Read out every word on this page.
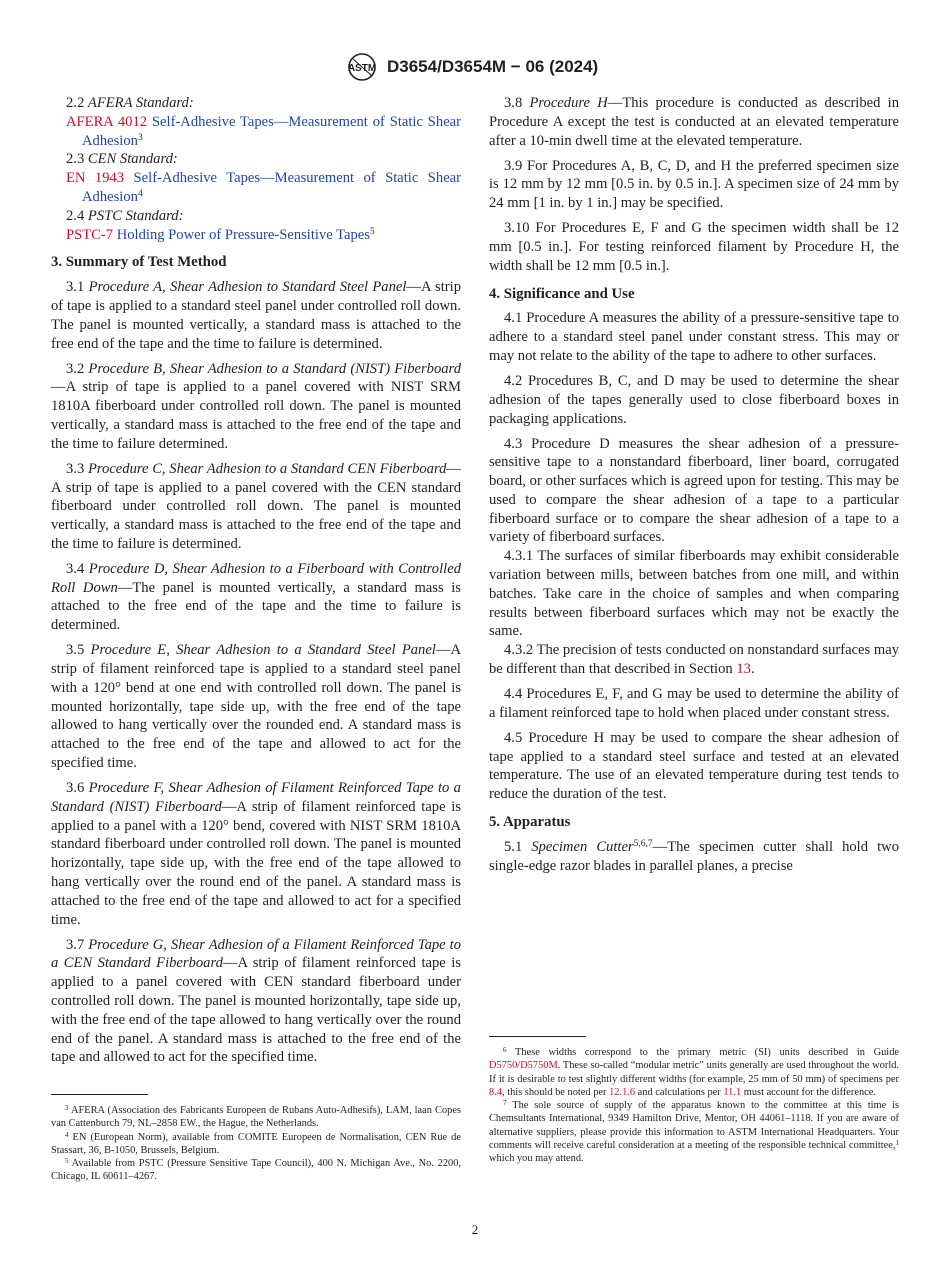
ASTM D3654/D3654M − 06 (2024)

2.2 AFERA Standard:

AFERA 4012 Self-Adhesive Tapes—Measurement of Static Shear Adhesion$^3$

2.3 CEN Standard:

EN 1943 Self-Adhesive Tapes—Measurement of Static Shear Adhesion$^4$

2.4 PSTC Standard:

PSTC-7 Holding Power of Pressure-Sensitive Tapes$^5$

3. Summary of Test Method

3.1 Procedure A, Shear Adhesion to Standard Steel Panel—A strip of tape is applied to a standard steel panel under controlled roll down. The panel is mounted vertically, a standard mass is attached to the free end of the tape and the time to failure is determined.

3.2 Procedure B, Shear Adhesion to a Standard (NIST) Fiberboard—A strip of tape is applied to a panel covered with NIST SRM 1810A fiberboard under controlled roll down. The panel is mounted vertically, a standard mass is attached to the free end of the tape and the time to failure determined.

3.3 Procedure C, Shear Adhesion to a Standard CEN Fiberboard—A strip of tape is applied to a panel covered with the CEN standard fiberboard under controlled roll down. The panel is mounted vertically, a standard mass is attached to the free end of the tape and the time to failure is determined.

3.4 Procedure D, Shear Adhesion to a Fiberboard with Controlled Roll Down—The panel is mounted vertically, a standard mass is attached to the free end of the tape and the time to failure is determined.

3.5 Procedure E, Shear Adhesion to a Standard Steel Panel—A strip of filament reinforced tape is applied to a standard steel panel with a 120° bend at one end with controlled roll down. The panel is mounted horizontally, tape side up, with the free end of the tape allowed to hang vertically over the rounded end. A standard mass is attached to the free end of the tape and allowed to act for the specified time.

3.6 Procedure F, Shear Adhesion of Filament Reinforced Tape to a Standard (NIST) Fiberboard—A strip of filament reinforced tape is applied to a panel with a 120° bend, covered with NIST SRM 1810A standard fiberboard under controlled roll down. The panel is mounted horizontally, tape side up, with the free end of the tape allowed to hang vertically over the round end of the panel. A standard mass is attached to the free end of the tape and allowed to act for a specified time.

3.7 Procedure G, Shear Adhesion of a Filament Reinforced Tape to a CEN Standard Fiberboard—A strip of filament reinforced tape is applied to a panel covered with CEN standard fiberboard under controlled roll down. The panel is mounted horizontally, tape side up, with the free end of the tape allowed to hang vertically over the round end of the panel. A standard mass is attached to the free end of the tape and allowed to act for the specified time.

3.8 Procedure H—This procedure is conducted as described in Procedure A except the test is conducted at an elevated temperature after a 10-min dwell time at the elevated temperature.

3.9 For Procedures A, B, C, D, and H the preferred specimen size is 12 mm by 12 mm [0.5 in. by 0.5 in.]. A specimen size of 24 mm by 24 mm [1 in. by 1 in.] may be specified.

3.10 For Procedures E, F and G the specimen width shall be 12 mm [0.5 in.]. For testing reinforced filament by Procedure H, the width shall be 12 mm [0.5 in.].

4. Significance and Use

4.1 Procedure A measures the ability of a pressure-sensitive tape to adhere to a standard steel panel under constant stress. This may or may not relate to the ability of the tape to adhere to other surfaces.

4.2 Procedures B, C, and D may be used to determine the shear adhesion of the tapes generally used to close fiberboard boxes in packaging applications.

4.3 Procedure D measures the shear adhesion of a pressure-sensitive tape to a nonstandard fiberboard, liner board, corrugated board, or other surfaces which is agreed upon for testing. This may be used to compare the shear adhesion of a tape to a particular fiberboard surface or to compare the shear adhesion of a tape to a variety of fiberboard surfaces.

4.3.1 The surfaces of similar fiberboards may exhibit considerable variation between mills, between batches from one mill, and within batches. Take care in the choice of samples and when comparing results between fiberboard surfaces which may not be exactly the same.

4.3.2 The precision of tests conducted on nonstandard surfaces may be different than that described in Section 13.

4.4 Procedures E, F, and G may be used to determine the ability of a filament reinforced tape to hold when placed under constant stress.

4.5 Procedure H may be used to compare the shear adhesion of tape applied to a standard steel surface and tested at an elevated temperature. The use of an elevated temperature during test tends to reduce the duration of the test.

5. Apparatus

5.1 Specimen Cutter$^{5,6,7}$—The specimen cutter shall hold two single-edge razor blades in parallel planes, a precise

$^3$ AFERA (Association des Fabricants Europeen de Rubans Auto-Adhesifs), LAM, laan Copes van Cattenburch 79, NL–2858 EW., the Hague, the Netherlands.

$^4$ EN (European Norm), available from COMITE Europeen de Normalisation, CEN Rue de Stassart, 36, B-1050, Brussels, Belgium.

$^5$ Available from PSTC (Pressure Sensitive Tape Council), 400 N. Michigan Ave., No. 2200, Chicago, IL 60611–4267.

$^6$ These widths correspond to the primary metric (SI) units described in Guide D5750/D5750M. These so-called “modular metric” units generally are used throughout the world. If it is desirable to test slightly different widths (for example, 25 mm of 50 mm) of specimens per 8.4, this should be noted per 12.1.6 and calculations per 11.1 must account for the difference.

$^7$ The sole source of supply of the apparatus known to the committee at this time is Chemsultants International, 9349 Hamilton Drive, Mentor, OH 44061–1118. If you are aware of alternative suppliers, please provide this information to ASTM International Headquarters. Your comments will receive careful consideration at a meeting of the responsible technical committee,$^1$ which you may attend.

2
